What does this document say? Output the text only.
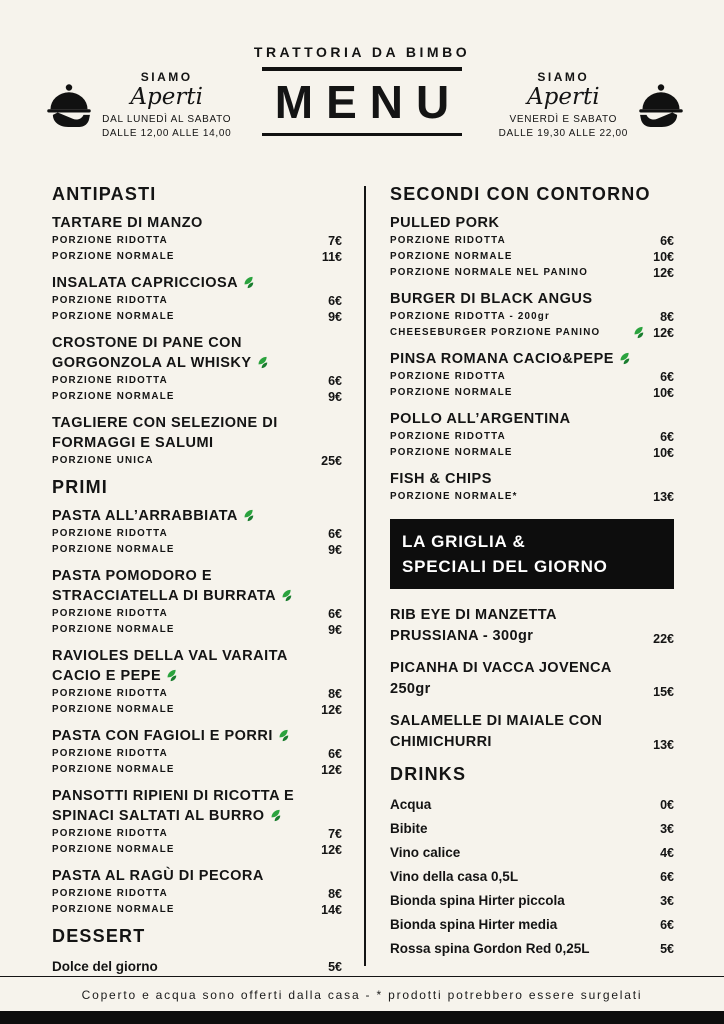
SIAMO
Aperti
DAL LUNEDÌ AL SABATO
DALLE 12,00 ALLE 14,00
TRATTORIA DA BIMBO
MENU	SIAMO
Aperti
VENERDÌ E SABATO
DALLE 19,30 ALLE 22,00
ANTIPASTI
TARTARE DI MANZO
PORZIONE RIDOTTA	7€
PORZIONE NORMALE	11€
INSALATA CAPRICCIOSA
PORZIONE RIDOTTA	6€
PORZIONE NORMALE	9€
CROSTONE DI PANE CON GORGONZOLA AL WHISKY
PORZIONE RIDOTTA	6€
PORZIONE NORMALE	9€
TAGLIERE CON SELEZIONE DI FORMAGGI E SALUMI
PORZIONE UNICA	25€
PRIMI
PASTA ALL’ARRABBIATA
PORZIONE RIDOTTA	6€
PORZIONE NORMALE	9€
PASTA POMODORO E STRACCIATELLA DI BURRATA
PORZIONE RIDOTTA	6€
PORZIONE NORMALE	9€
RAVIOLES DELLA VAL VARAITA CACIO E PEPE
PORZIONE RIDOTTA	8€
PORZIONE NORMALE	12€
PASTA CON FAGIOLI E PORRI
PORZIONE RIDOTTA	6€
PORZIONE NORMALE	12€
PANSOTTI RIPIENI DI RICOTTA E SPINACI SALTATI AL BURRO
PORZIONE RIDOTTA	7€
PORZIONE NORMALE	12€
PASTA AL RAGÙ DI PECORA
PORZIONE RIDOTTA	8€
PORZIONE NORMALE	14€
DESSERT
Dolce del giorno	5€
SECONDI CON CONTORNO
PULLED PORK
PORZIONE RIDOTTA	6€
PORZIONE NORMALE	10€
PORZIONE NORMALE NEL PANINO	12€
BURGER DI BLACK ANGUS
PORZIONE RIDOTTA - 200gr	8€
CHEESEBURGER PORZIONE PANINO	12€
PINSA ROMANA CACIO&PEPE
PORZIONE RIDOTTA	6€
PORZIONE NORMALE	10€
POLLO ALL’ARGENTINA
PORZIONE RIDOTTA	6€
PORZIONE NORMALE	10€
FISH & CHIPS
PORZIONE NORMALE*	13€
LA GRIGLIA &
SPECIALI DEL GIORNO
RIB EYE DI MANZETTA PRUSSIANA - 300gr	22€
PICANHA DI VACCA JOVENCA 250gr	15€
SALAMELLE DI MAIALE CON CHIMICHURRI	13€
DRINKS
Acqua	0€
Bibite	3€
Vino calice	4€
Vino della casa 0,5L	6€
Bionda spina Hirter piccola	3€
Bionda spina Hirter media	6€
Rossa spina Gordon Red 0,25L	5€
Coperto e acqua sono offerti dalla casa - * prodotti potrebbero essere surgelati
